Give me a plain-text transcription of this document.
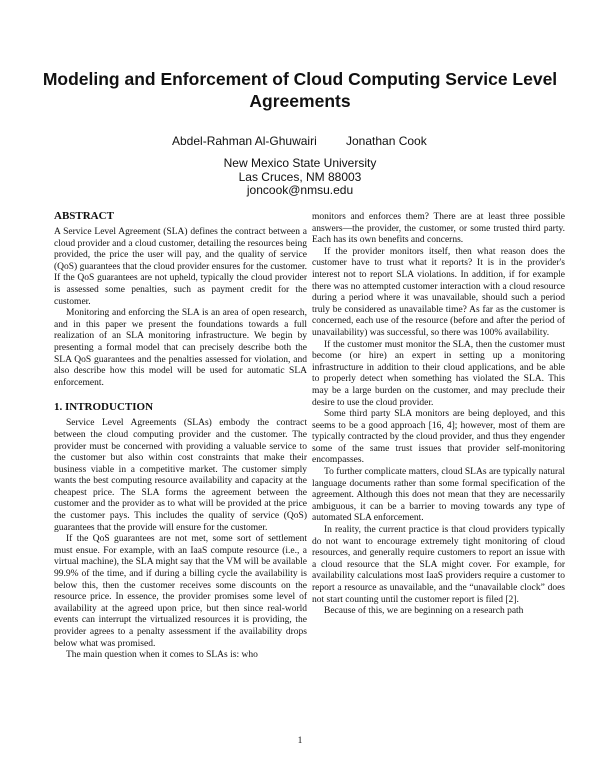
Modeling and Enforcement of Cloud Computing Service Level Agreements
Abdel-Rahman Al-Ghuwairi Jonathan Cook
New Mexico State University
Las Cruces, NM 88003
joncook@nmsu.edu
ABSTRACT

A Service Level Agreement (SLA) defines the contract between a cloud provider and a cloud customer, detailing the resources being provided, the price the user will pay, and the quality of service (QoS) guarantees that the cloud provider ensures for the customer. If the QoS guarantees are not upheld, typically the cloud provider is assessed some penalties, such as payment credit for the customer.

Monitoring and enforcing the SLA is an area of open research, and in this paper we present the foundations towards a full realization of an SLA monitoring infrastructure. We begin by presenting a formal model that can precisely describe both the SLA QoS guarantees and the penalties assessed for violation, and also describe how this model will be used for automatic SLA enforcement.

1. INTRODUCTION

Service Level Agreements (SLAs) embody the contract between the cloud computing provider and the customer. The provider must be concerned with providing a valuable service to the customer but also within cost constraints that make their business viable in a competitive market. The customer simply wants the best computing resource availability and capacity at the cheapest price. The SLA forms the agreement between the customer and the provider as to what will be provided at the price the customer pays. This includes the quality of service (QoS) guarantees that the provide will ensure for the customer.

If the QoS guarantees are not met, some sort of settlement must ensue. For example, with an IaaS compute resource (i.e., a virtual machine), the SLA might say that the VM will be available 99.9% of the time, and if during a billing cycle the availability is below this, then the customer receives some discounts on the resource price. In essence, the provider promises some level of availability at the agreed upon price, but then since real-world events can interrupt the virtualized resources it is providing, the provider agrees to a penalty assessment if the availability drops below what was promised.

The main question when it comes to SLAs is: who

monitors and enforces them? There are at least three possible answers—the provider, the customer, or some trusted third party. Each has its own benefits and concerns.

If the provider monitors itself, then what reason does the customer have to trust what it reports? It is in the provider's interest not to report SLA violations. In addition, if for example there was no attempted customer interaction with a cloud resource during a period where it was unavailable, should such a period truly be considered as unavailable time? As far as the customer is concerned, each use of the resource (before and after the period of unavailability) was successful, so there was 100% availability.

If the customer must monitor the SLA, then the customer must become (or hire) an expert in setting up a monitoring infrastructure in addition to their cloud applications, and be able to properly detect when something has violated the SLA. This may be a large burden on the customer, and may preclude their desire to use the cloud provider.

Some third party SLA monitors are being deployed, and this seems to be a good approach [16, 4]; however, most of them are typically contracted by the cloud provider, and thus they engender some of the same trust issues that provider self-monitoring encompasses.

To further complicate matters, cloud SLAs are typically natural language documents rather than some formal specification of the agreement. Although this does not mean that they are necessarily ambiguous, it can be a barrier to moving towards any type of automated SLA enforcement.

In reality, the current practice is that cloud providers typically do not want to encourage extremely tight monitoring of cloud resources, and generally require customers to report an issue with a cloud resource that the SLA might cover. For example, for availability calculations most IaaS providers require a customer to report a resource as unavailable, and the “unavailable clock” does not start counting until the customer report is filed [2].

Because of this, we are beginning on a research path

1
